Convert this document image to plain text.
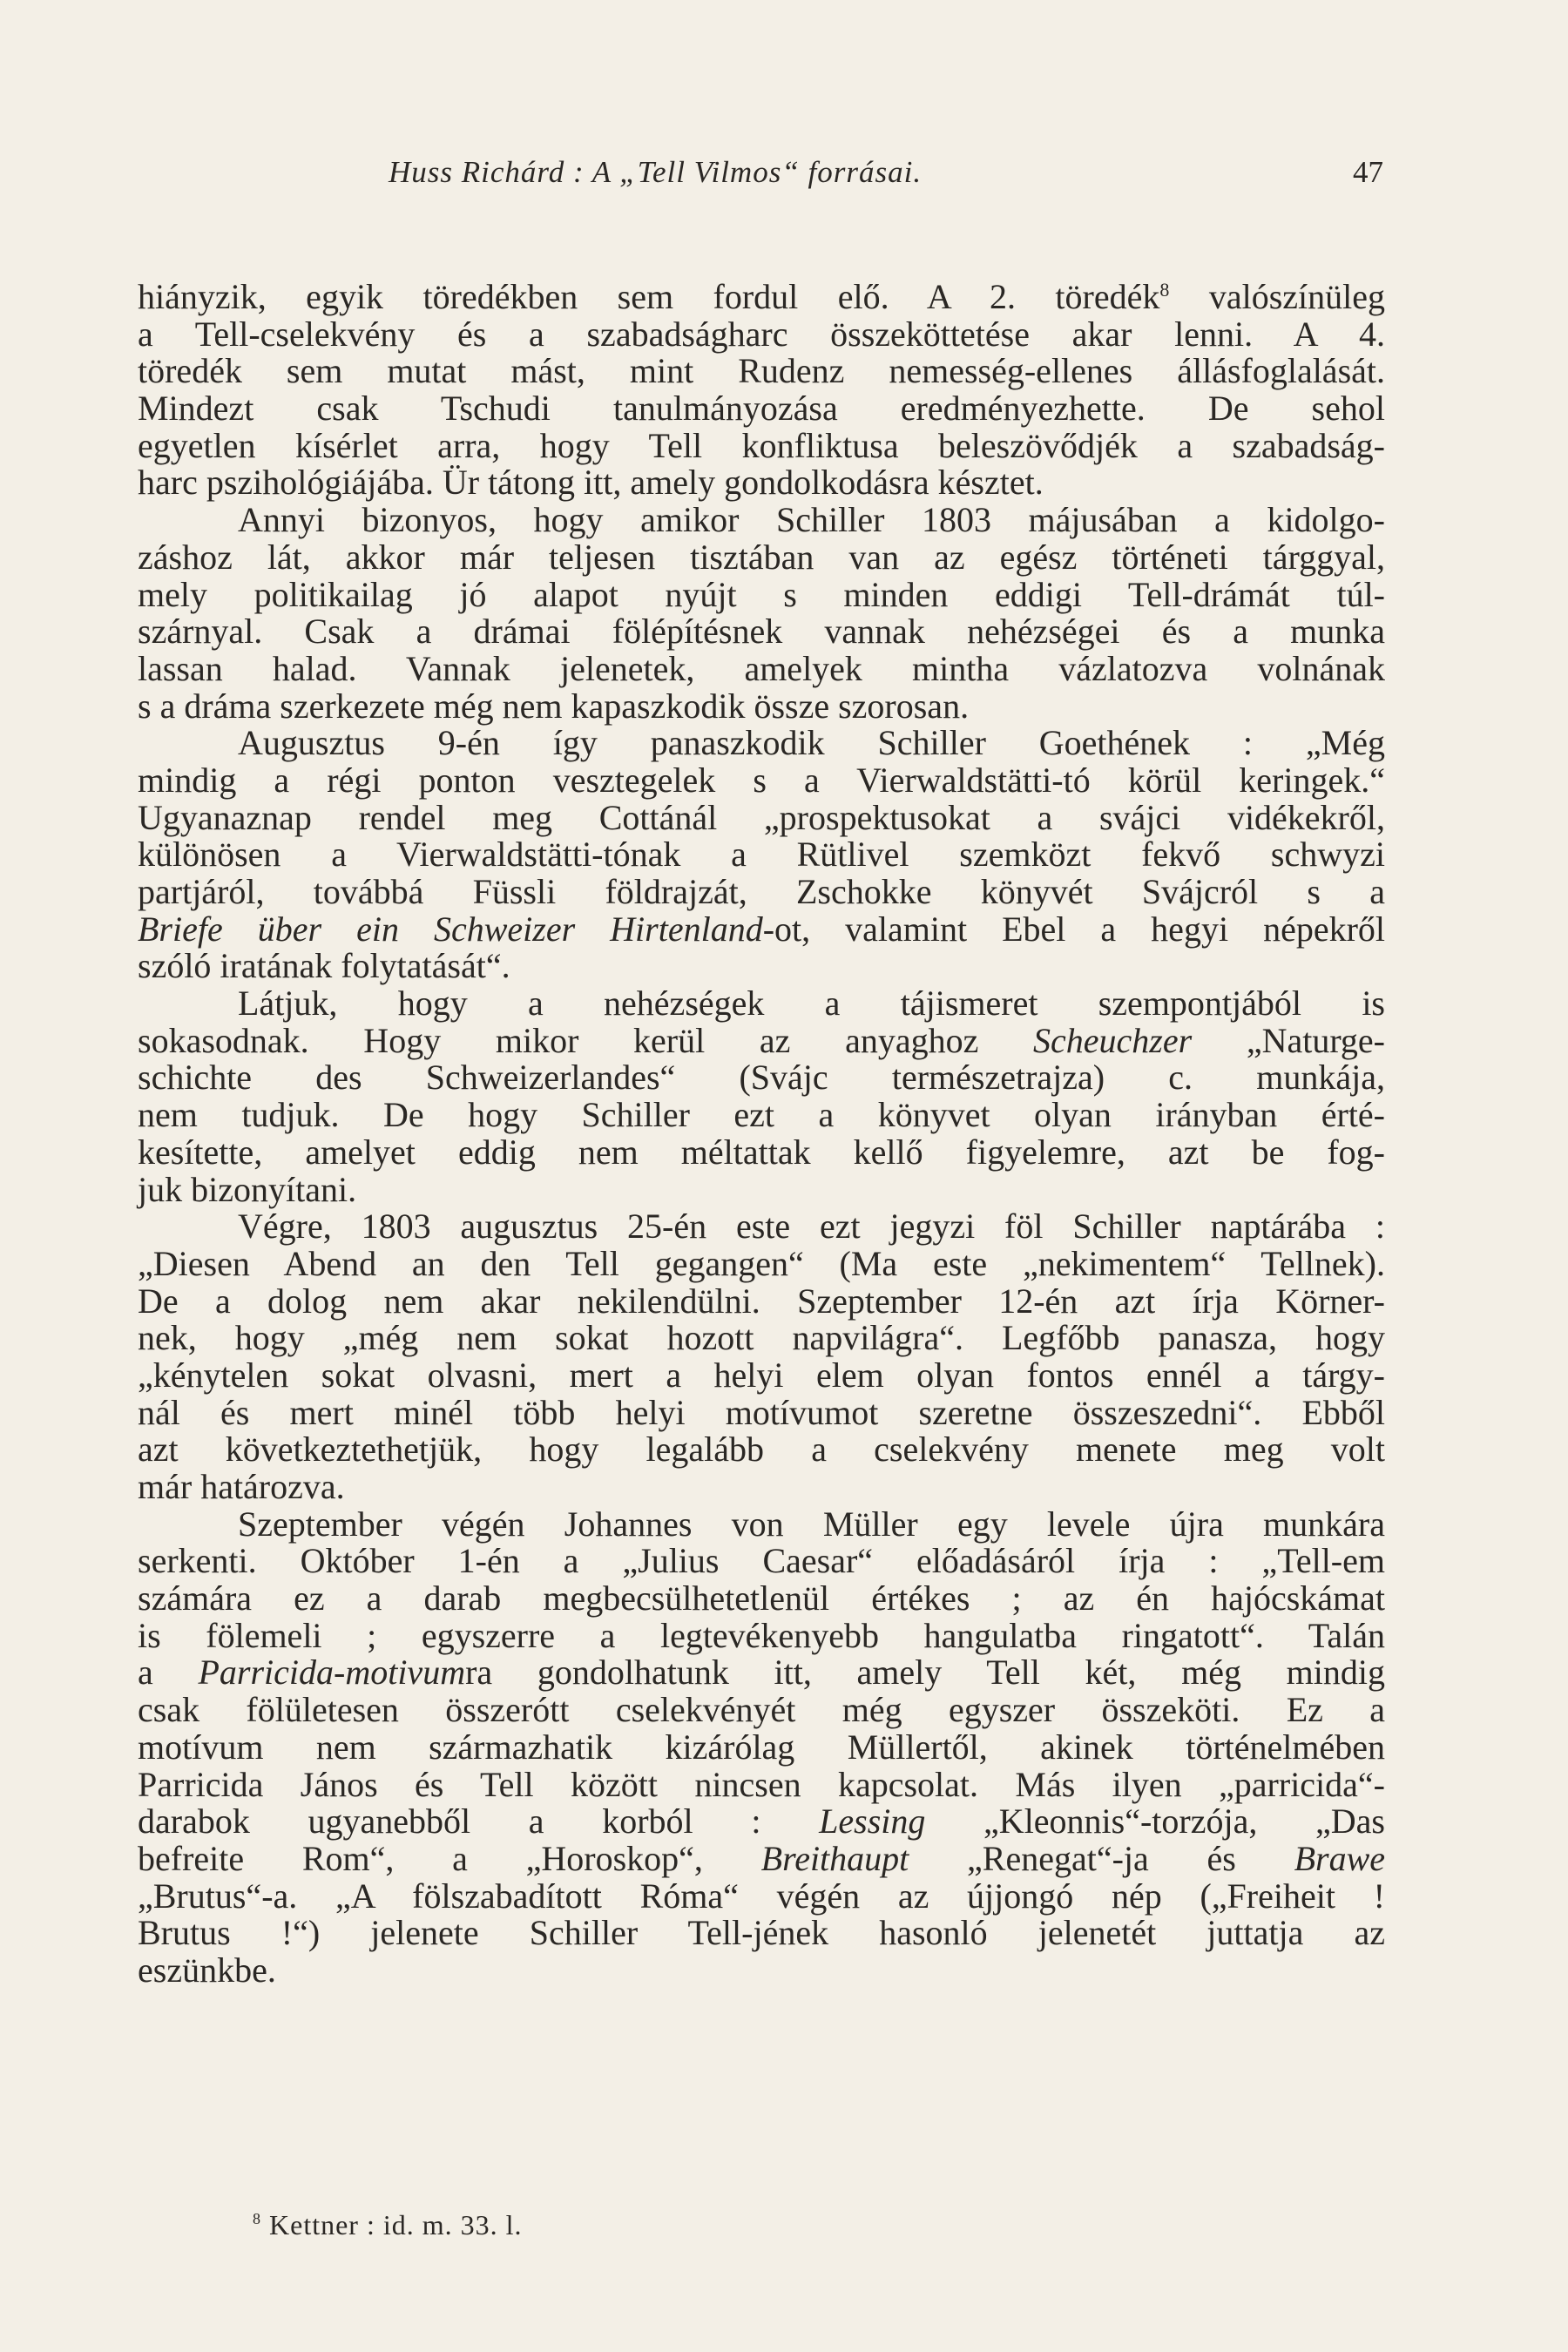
Huss Richárd : A „Tell Vilmos“ forrásai.	47
hiányzik, egyik töredékben sem fordul elő. A 2. töredék$^8$ valószínüleg
a Tell-cselekvény és a szabadságharc összeköttetése akar lenni. A 4.
töredék sem mutat mást, mint Rudenz nemesség-ellenes állásfoglalását.
Mindezt csak Tschudi tanulmányozása eredményezhette. De sehol
egyetlen kísérlet arra, hogy Tell konfliktusa beleszövődjék a szabadság-
harc pszihológiájába. Ür tátong itt, amely gondolkodásra késztet.
Annyi bizonyos, hogy amikor Schiller 1803 májusában a kidolgo-
záshoz lát, akkor már teljesen tisztában van az egész történeti tárggyal,
mely politikailag jó alapot nyújt s minden eddigi Tell-drámát túl-
szárnyal. Csak a drámai fölépítésnek vannak nehézségei és a munka
lassan halad. Vannak jelenetek, amelyek mintha vázlatozva volnának
s a dráma szerkezete még nem kapaszkodik össze szorosan.
Augusztus 9-én így panaszkodik Schiller Goethének : „Még
mindig a régi ponton vesztegelek s a Vierwaldstätti-tó körül keringek.“
Ugyanaznap rendel meg Cottánál „prospektusokat a svájci vidékekről,
különösen a Vierwaldstätti-tónak a Rütlivel szemközt fekvő schwyzi
partjáról, továbbá Füssli földrajzát, Zschokke könyvét Svájcról s a
Briefe über ein Schweizer Hirtenland-ot, valamint Ebel a hegyi népekről
szóló iratának folytatását“.
Látjuk, hogy a nehézségek a tájismeret szempontjából is
sokasodnak. Hogy mikor kerül az anyaghoz Scheuchzer „Naturge-
schichte des Schweizerlandes“ (Svájc természetrajza) c. munkája,
nem tudjuk. De hogy Schiller ezt a könyvet olyan irányban érté-
kesítette, amelyet eddig nem méltattak kellő figyelemre, azt be fog-
juk bizonyítani.
Végre, 1803 augusztus 25-én este ezt jegyzi föl Schiller naptárába :
„Diesen Abend an den Tell gegangen“ (Ma este „nekimentem“ Tellnek).
De a dolog nem akar nekilendülni. Szeptember 12-én azt írja Körner-
nek, hogy „még nem sokat hozott napvilágra“. Legfőbb panasza, hogy
„kénytelen sokat olvasni, mert a helyi elem olyan fontos ennél a tárgy-
nál és mert minél több helyi motívumot szeretne összeszedni“. Ebből
azt következtethetjük, hogy legalább a cselekvény menete meg volt
már határozva.
Szeptember végén Johannes von Müller egy levele újra munkára
serkenti. Október 1-én a „Julius Caesar“ előadásáról írja : „Tell-em
számára ez a darab megbecsülhetetlenül értékes ; az én hajócskámat
is fölemeli ; egyszerre a legtevékenyebb hangulatba ringatott“. Talán
a Parricida-motivumra gondolhatunk itt, amely Tell két, még mindig
csak fölületesen összerótt cselekvényét még egyszer összeköti. Ez a
motívum nem származhatik kizárólag Müllertől, akinek történelmében
Parricida János és Tell között nincsen kapcsolat. Más ilyen „parricida“-
darabok ugyanebből a korból : Lessing „Kleonnis“-torzója, „Das
befreite Rom“, a „Horoskop“, Breithaupt „Renegat“-ja és Brawe
„Brutus“-a. „A fölszabadított Róma“ végén az újjongó nép („Freiheit !
Brutus !“) jelenete Schiller Tell-jének hasonló jelenetét juttatja az
eszünkbe.
$^8$ Kettner : id. m. 33. l.
